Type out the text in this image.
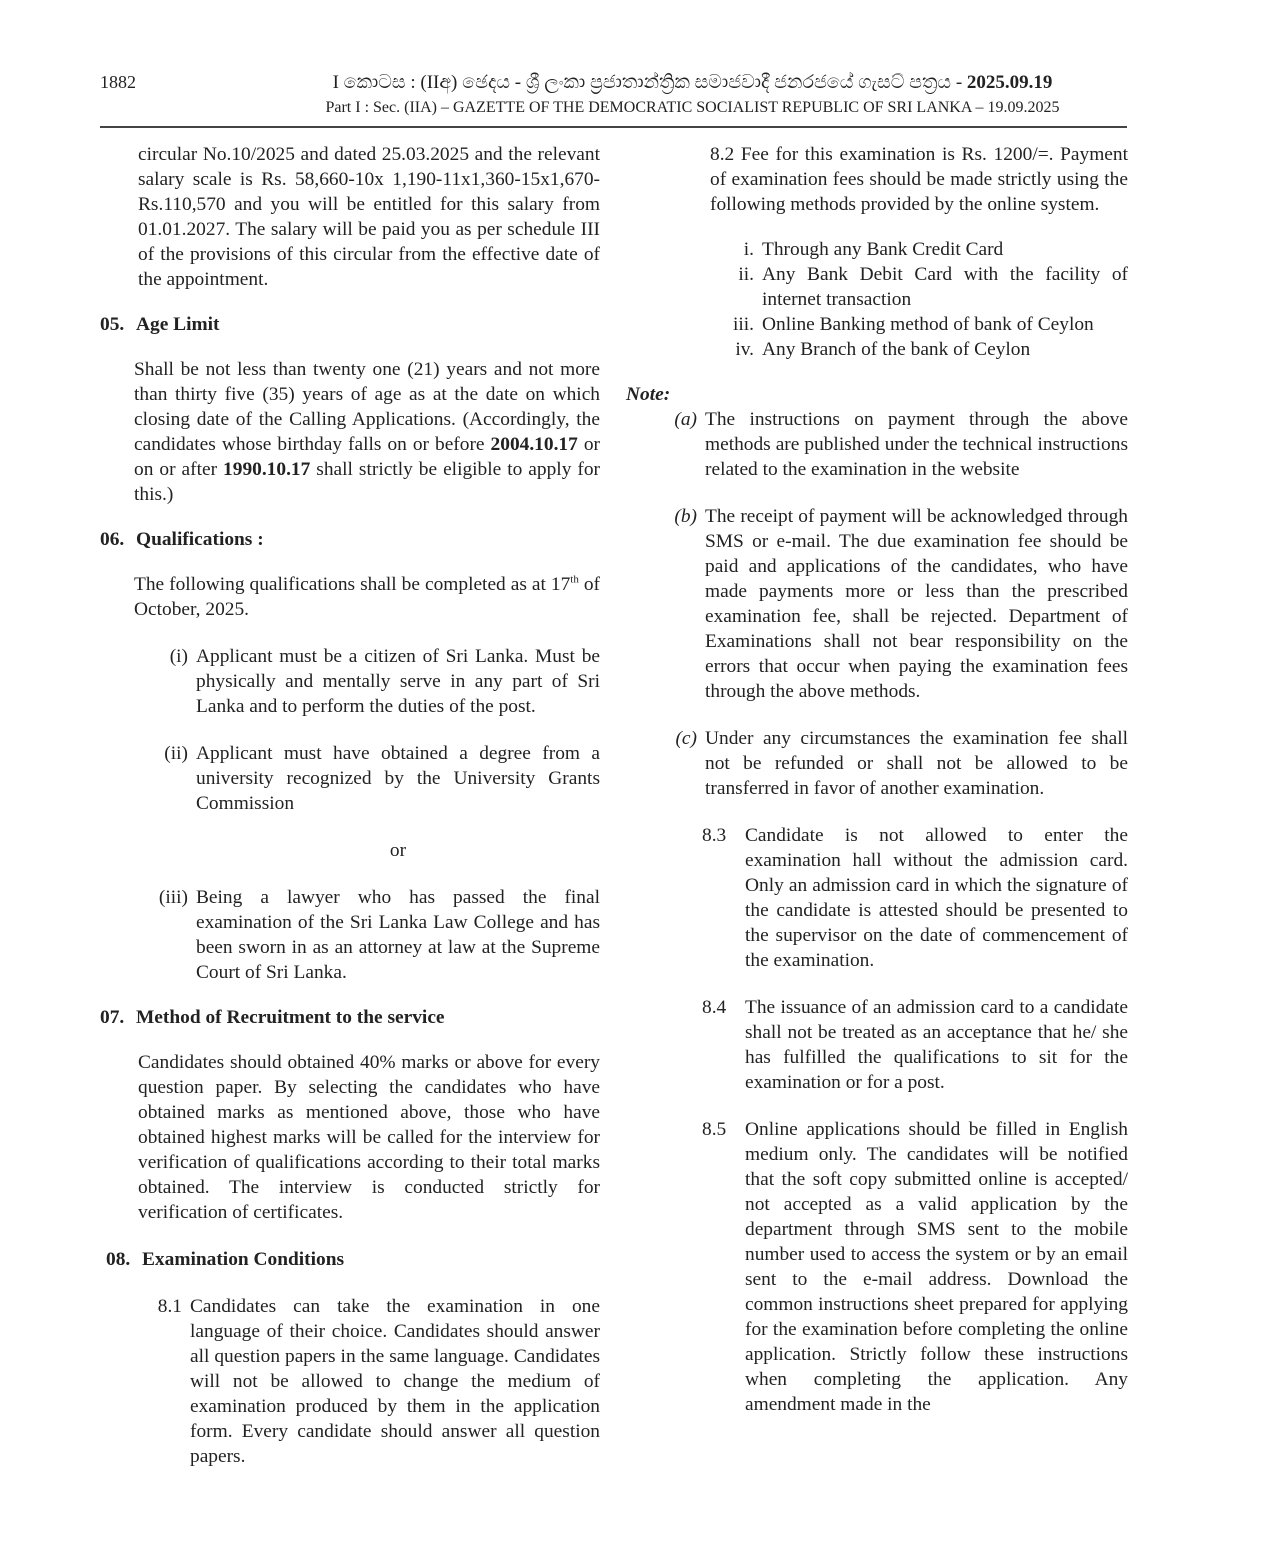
1882	I කොටස : (IIඅ) ඡෙදය - ශ්‍රී ලංකා ප්‍රජාතාන්ත්‍රික සමාජවාදී ජනරජයේ ගැසට් පත්‍රය - 2025.09.19
Part I : Sec. (IIA) – GAZETTE OF THE DEMOCRATIC SOCIALIST REPUBLIC OF SRI LANKA – 19.09.2025

circular No.10/2025 and dated 25.03.2025 and the relevant salary scale is Rs. 58,660-10x 1,190-11x1,360-15x1,670- Rs.110,570 and you will be entitled for this salary from 01.01.2027. The salary will be paid you as per schedule III of the provisions of this circular from the effective date of the appointment.

05. Age Limit

Shall be not less than twenty one (21) years and not more than thirty five (35) years of age as at the date on which closing date of the Calling Applications. (Accordingly, the candidates whose birthday falls on or before 2004.10.17 or on or after 1990.10.17 shall strictly be eligible to apply for this.)

06. Qualifications :

The following qualifications shall be completed as at 17th of October, 2025.

(i) Applicant must be a citizen of Sri Lanka. Must be physically and mentally serve in any part of Sri Lanka and to perform the duties of the post.
(ii) Applicant must have obtained a degree from a university recognized by the University Grants Commission

or

(iii) Being a lawyer who has passed the final examination of the Sri Lanka Law College and has been sworn in as an attorney at law at the Supreme Court of Sri Lanka.

07. Method of Recruitment to the service

Candidates should obtained 40% marks or above for every question paper. By selecting the candidates who have obtained marks as mentioned above, those who have obtained highest marks will be called for the interview for verification of qualifications according to their total marks obtained. The interview is conducted strictly for verification of certificates.

08. Examination Conditions

8.1 Candidates can take the examination in one language of their choice. Candidates should answer all question papers in the same language. Candidates will not be allowed to change the medium of examination produced by them in the application form. Every candidate should answer all question papers.

8.2 Fee for this examination is Rs. 1200/=. Payment of examination fees should be made strictly using the following methods provided by the online system.

i. Through any Bank Credit Card
ii. Any Bank Debit Card with the facility of internet transaction
iii. Online Banking method of bank of Ceylon
iv. Any Branch of the bank of Ceylon

Note:

(a) The instructions on payment through the above methods are published under the technical instructions related to the examination in the website
(b) The receipt of payment will be acknowledged through SMS or e-mail. The due examination fee should be paid and applications of the candidates, who have made payments more or less than the prescribed examination fee, shall be rejected. Department of Examinations shall not bear responsibility on the errors that occur when paying the examination fees through the above methods.
(c) Under any circumstances the examination fee shall not be refunded or shall not be allowed to be transferred in favor of another examination.
8.3 Candidate is not allowed to enter the examination hall without the admission card. Only an admission card in which the signature of the candidate is attested should be presented to the supervisor on the date of commencement of the examination.
8.4 The issuance of an admission card to a candidate shall not be treated as an acceptance that he/ she has fulfilled the qualifications to sit for the examination or for a post.
8.5 Online applications should be filled in English medium only. The candidates will be notified that the soft copy submitted online is accepted/ not accepted as a valid application by the department through SMS sent to the mobile number used to access the system or by an email sent to the e-mail address. Download the common instructions sheet prepared for applying for the examination before completing the online application. Strictly follow these instructions when completing the application. Any amendment made in the
